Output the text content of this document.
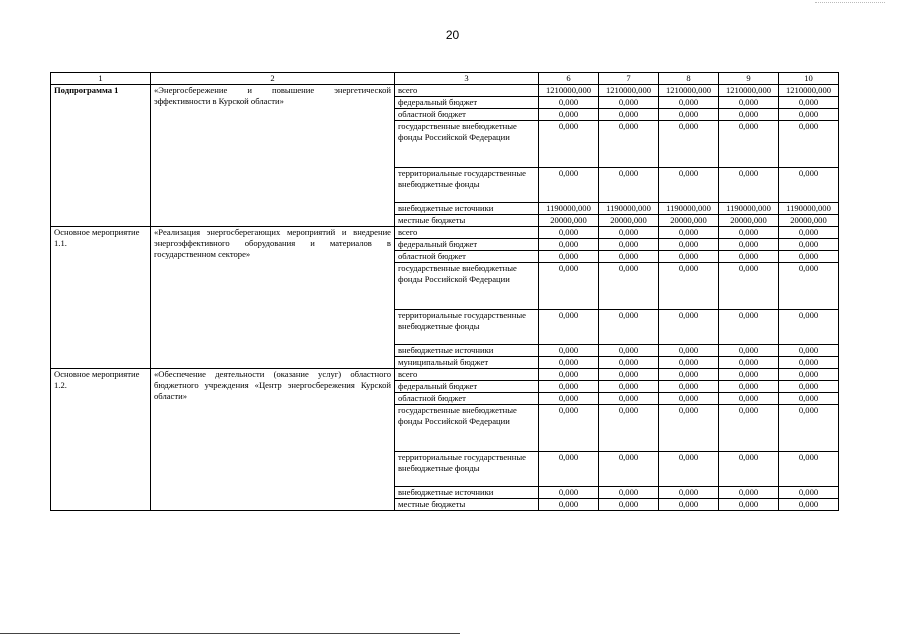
20
1	2	3	6	7	8	9	10
Подпрограмма 1	«Энергосбережение и повышение энергетической эффективности в Курской области»	всего	1210000,000	1210000,000	1210000,000	1210000,000	1210000,000
		федеральный бюджет	0,000	0,000	0,000	0,000	0,000
		областной бюджет	0,000	0,000	0,000	0,000	0,000
		государственные внебюджетные фонды Российской Федерации	0,000	0,000	0,000	0,000	0,000
		территориальные государственные внебюджетные фонды	0,000	0,000	0,000	0,000	0,000
		внебюджетные источники	1190000,000	1190000,000	1190000,000	1190000,000	1190000,000
		местные бюджеты	20000,000	20000,000	20000,000	20000,000	20000,000
Основное мероприятие 1.1.	«Реализация энергосберегающих мероприятий и внедрение энергоэффективного оборудования и материалов в государственном секторе»	всего	0,000	0,000	0,000	0,000	0,000
		федеральный бюджет	0,000	0,000	0,000	0,000	0,000
		областной бюджет	0,000	0,000	0,000	0,000	0,000
		государственные внебюджетные фонды Российской Федерации	0,000	0,000	0,000	0,000	0,000
		территориальные государственные внебюджетные фонды	0,000	0,000	0,000	0,000	0,000
		внебюджетные источники	0,000	0,000	0,000	0,000	0,000
		муниципальный бюджет	0,000	0,000	0,000	0,000	0,000
Основное мероприятие 1.2.	«Обеспечение деятельности (оказание услуг) областного бюджетного учреждения «Центр энергосбережения Курской области»	всего	0,000	0,000	0,000	0,000	0,000
		федеральный бюджет	0,000	0,000	0,000	0,000	0,000
		областной бюджет	0,000	0,000	0,000	0,000	0,000
		государственные внебюджетные фонды Российской Федерации	0,000	0,000	0,000	0,000	0,000
		территориальные государственные внебюджетные фонды	0,000	0,000	0,000	0,000	0,000
		внебюджетные источники	0,000	0,000	0,000	0,000	0,000
		местные бюджеты	0,000	0,000	0,000	0,000	0,000
